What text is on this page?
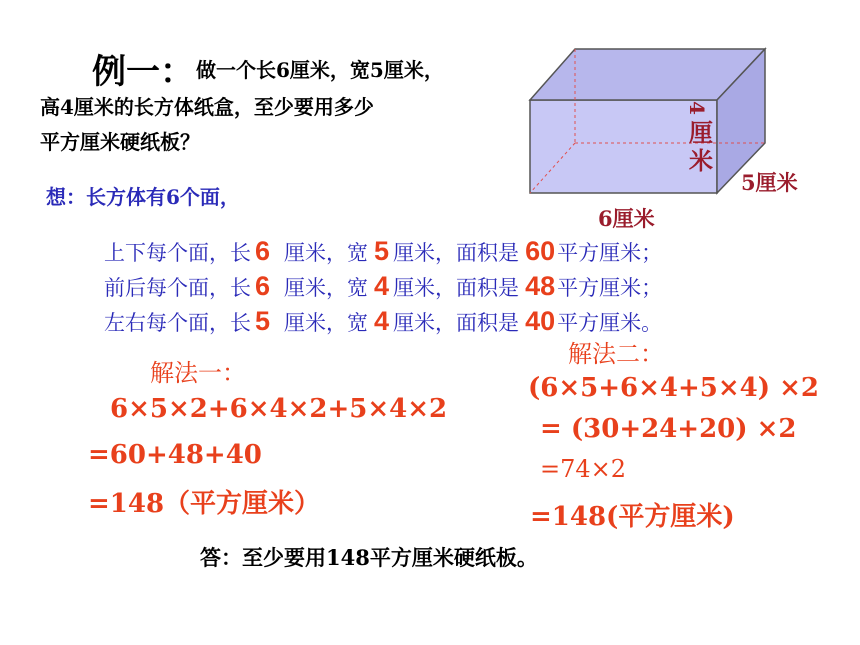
例一： 做一个长6厘米，宽5厘米，
高4厘米的长方体纸盒，至少要用多少
平方厘米硬纸板？
4
厘
米
5厘米
6厘米
想：长方体有6个面，
上下每个面，长 6 厘米，宽 5 厘米，面积是 60平方厘米；
前后每个面，长 6 厘米，宽 4 厘米，面积是 48平方厘米；
左右每个面，长 5 厘米，宽 4 厘米，面积是 40平方厘米。
解法一：
6×5×2+6×4×2+5×4×2
=60+48+40
=148（平方厘米）
解法二：
(6×5+6×4+5×4) ×2
= (30+24+20) ×2
=74×2
=148(平方厘米)
答：至少要用148平方厘米硬纸板。
